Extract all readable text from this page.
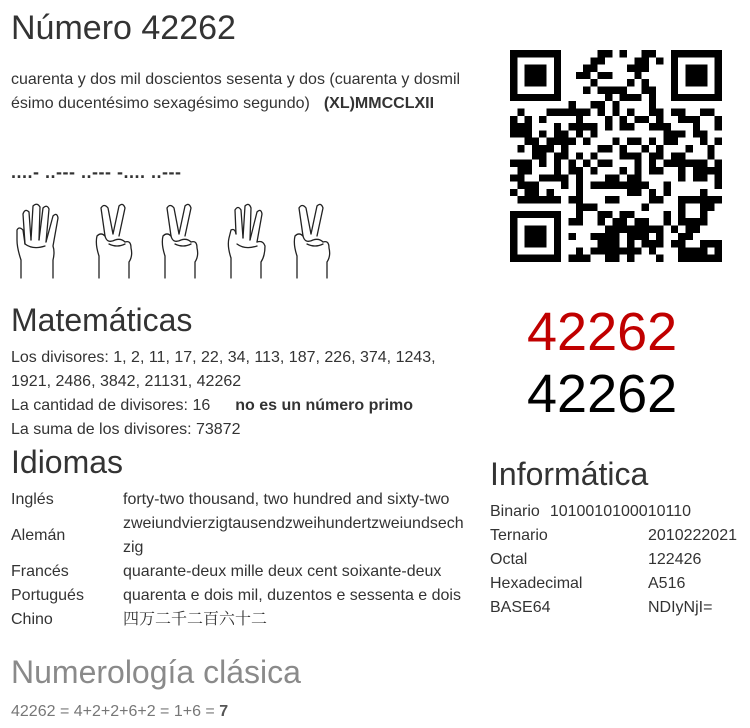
Número 42262
cuarenta y dos mil doscientos sesenta y dos (cuarenta y dosmil
ésimo ducentésimo sexagésimo segundo) (XL)MMCCLXII
....- ..--- ..--- -.... ..---
Matemáticas
Los divisores: 1, 2, 11, 17, 22, 34, 113, 187, 226, 374, 1243,
1921, 2486, 3842, 21131, 42262
La cantidad de divisores: 16 no es un número primo
La suma de los divisores: 73872
42262
42262
Idiomas
Inglés	forty-two thousand, two hundred and sixty-two
Alemán	zweiundvierzigtausendzweihundertzweiundsech zig
Francés	quarante-deux mille deux cent soixante-deux
Portugués	quarenta e dois mil, duzentos e sessenta e dois
Chino	四万二千二百六十二
Informática
Binario 1010010100010110
Ternario	2010222021
Octal	122426
Hexadecimal	A516
BASE64	NDIyNjI=
Numerología clásica
42262 = 4+2+2+6+2 = 1+6 = 7
